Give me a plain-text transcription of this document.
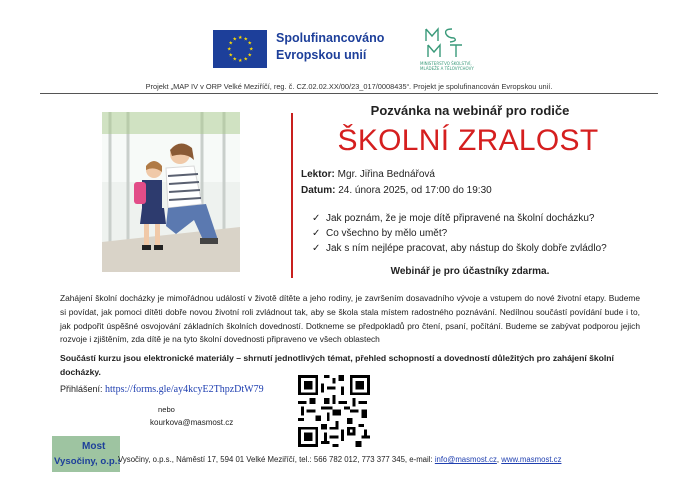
★ ★
★
★
★
★
★
★
★
★
★
★	Spolufinancováno
Evropskou unií
MINISTERSTVO ŠKOLSTVÍ,
MLÁDEŽE A TĚLOVÝCHOVY
Projekt „MAP IV v ORP Velké Meziříčí, reg. č. CZ.02.02.XX/00/23_017/0008435“. Projekt je spolufinancován Evropskou unií.
Pozvánka na webinář pro rodiče
ŠKOLNÍ ZRALOST
Lektor: Mgr. Jiřina Bednářová
Datum: 24. února 2025, od 17:00 do 19:30
✓ Jak poznám, že je moje dítě připravené na školní docházku?
✓ Co všechno by mělo umět?
✓ Jak s ním nejlépe pracovat, aby nástup do školy dobře zvládlo?
Webinář je pro účastníky zdarma.
Zahájení školní docházky je mimořádnou událostí v životě dítěte a jeho rodiny, je završením dosavadního vývoje a vstupem do nové životní etapy. Budeme si povídat, jak pomoci dítěti dobře novou životní roli zvládnout tak, aby se škola stala místem radostného poznávání. Nedílnou součástí povídání bude i to, jak podpořit úspěšné osvojování základních školních dovedností. Dotkneme se předpokladů pro čtení, psaní, počítání. Budeme se zabývat podporou jejich rozvoje i zjištěním, zda dítě je na tyto školní dovednosti připraveno ve všech oblastech
Součástí kurzu jsou elektronické materiály – shrnutí jednotlivých témat, přehled schopností a dovedností důležitých pro zahájení školní docházky.
Přihlášení: https://forms.gle/ay4kcyE2ThpzDtW79
nebo
kourkova@masmost.cz
Most
Vysočiny, o.p.s.
Vysočiny, o.p.s., Náměstí 17, 594 01 Velké Meziříčí, tel.: 566 782 012, 773 377 345, e-mail: info@masmost.cz, www.masmost.cz
